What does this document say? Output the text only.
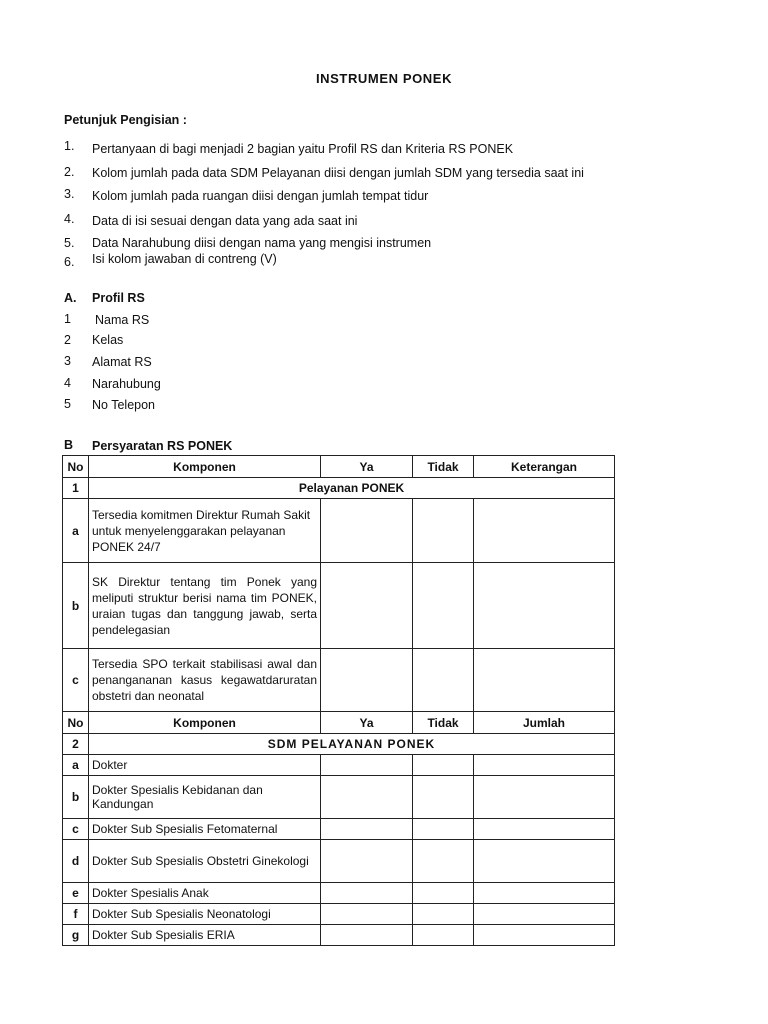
INSTRUMEN PONEK
Petunjuk Pengisian :
1. Pertanyaan di bagi menjadi 2 bagian yaitu Profil RS dan Kriteria RS PONEK
2. Kolom jumlah pada data SDM Pelayanan diisi dengan jumlah SDM yang tersedia saat ini
3. Kolom jumlah pada ruangan diisi dengan jumlah tempat tidur
4. Data di isi sesuai dengan data yang ada saat ini
5. Data Narahubung diisi dengan nama yang mengisi instrumen
6. Isi kolom jawaban di contreng (V)
A. Profil RS
1 Nama RS
2 Kelas
3 Alamat RS
4 Narahubung
5 No Telepon
B Persyaratan RS PONEK
No	Komponen	Ya	Tidak	Keterangan
1	Pelayanan PONEK			
a	Tersedia komitmen Direktur Rumah Sakit untuk menyelenggarakan pelayanan PONEK 24/7			
b	SK Direktur tentang tim Ponek yang meliputi struktur berisi nama tim PONEK, uraian tugas dan tanggung jawab, serta pendelegasian			
c	Tersedia SPO terkait stabilisasi awal dan penangananan kasus kegawatdaruratan obstetri dan neonatal			
No	Komponen	Ya	Tidak	Jumlah
2	SDM PELAYANAN PONEK			
a	Dokter			
b	Dokter Spesialis Kebidanan dan Kandungan			
c	Dokter Sub Spesialis Fetomaternal			
d	Dokter Sub Spesialis Obstetri Ginekologi			
e	Dokter Spesialis Anak			
f	Dokter Sub Spesialis Neonatologi			
g	Dokter Sub Spesialis ERIA			
